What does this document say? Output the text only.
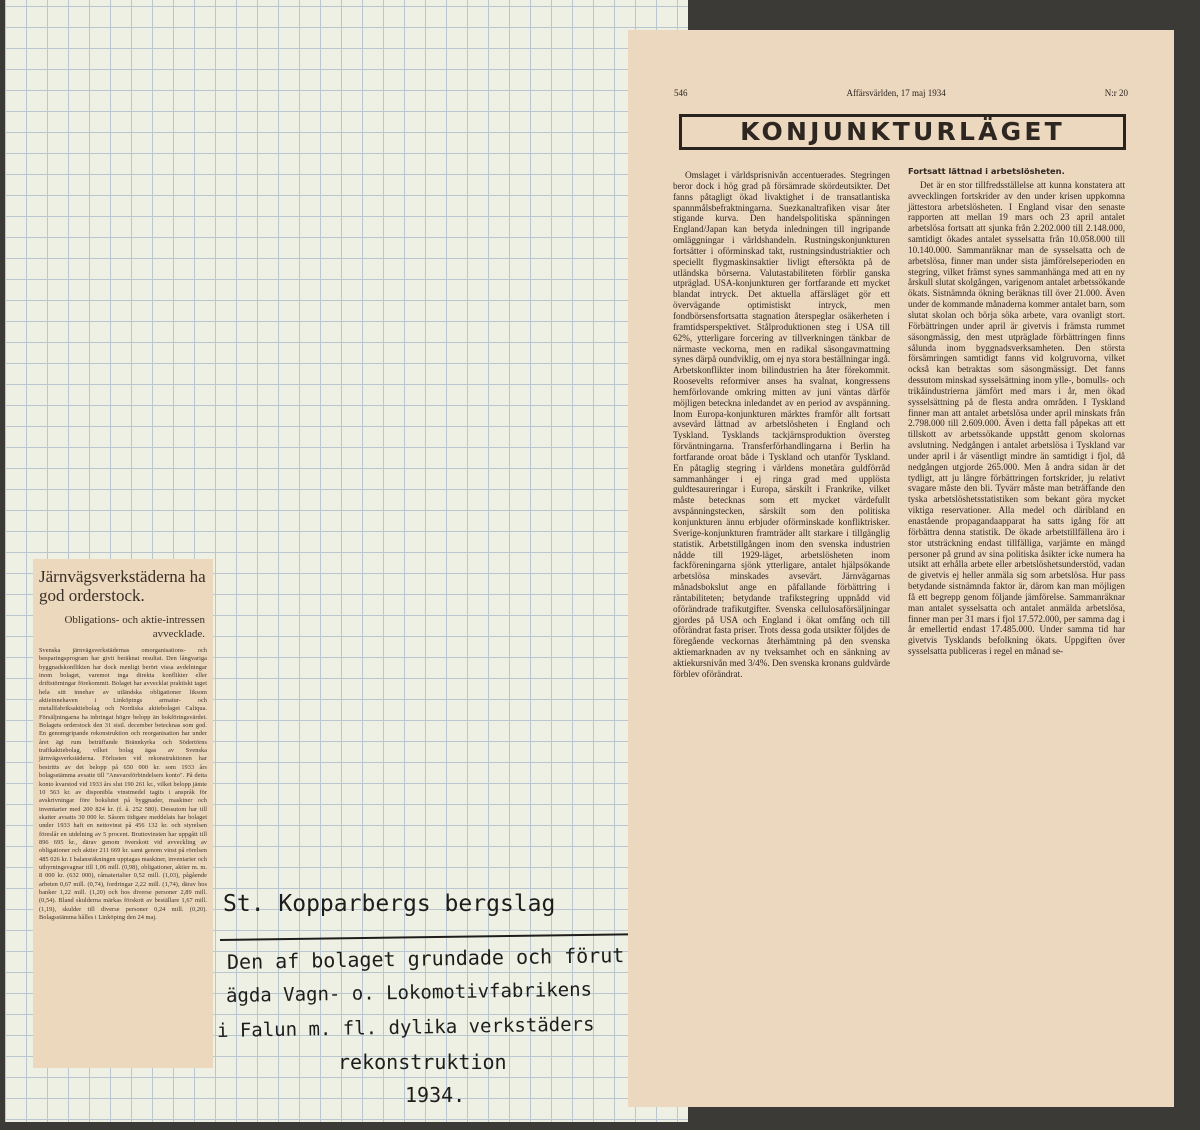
Järnvägsverkstäderna ha god orderstock.
Obligations- och aktie-intressen avvecklade.
Svenska järnvägsverkstädernas omorganisations- och besparingsprogram har givit beräknat resultat. Den långvariga byggnadskonflikten har dock menligt berört vissa avdelningar inom bolaget, varemot inga direkta konflikter eller driftstörningar förekommit. Bolaget har avvecklat praktiskt taget hela sitt innehav av utländska obligationer liksom aktieinnehaven i Linköpings armatur- och metallfabriksaktiebolag och Nordiska aktiebolaget Caliqua. Försäljningarna ha inbringat högre belopp än bokföringsvärdet. Bolagets orderstock den 31 sistl. december betecknas som god. En genomgripande rekonstruktion och reorganisation har under året ägt rum beträffande Brännkyrka och Södertörns trafikaktiebolag, vilket bolag ägas av Svenska järnvägsverkstäderna. Förlusten vid rekonstruktionen har bestritts av det belopp på 650 000 kr. som 1933 års bolagsstämma avsatte till "Ansvarsförbindelsers konto". På detta konto kvarstod vid 1933 års slut 190 261 kr., vilket belopp jämte 10 563 kr. av disponibla vinstmedel tagits i anspråk för avskrivningar före bokslutet på byggnader, maskiner och inventarier med 200 824 kr. (f. å. 252 580). Dessutom har till skatter avsatts 30 000 kr. Såsom tidigare meddelats har bolaget under 1933 haft en nettovinst på 456 132 kr. och styrelsen föreslår en utdelning av 5 procent. Bruttovinsten har uppgått till 896 695 kr., därav genom överskott vid avveckling av obligationer och aktier 211 669 kr. samt genom vinst på rörelsen 485 026 kr. I balansräkningen upptagas maskiner, inventarier och uthyrningsvagnar till 1,06 mill. (0,98), obligationer, aktier m. m. 8 000 kr. (632 000), råmaterialier 0,52 mill. (1,03), pågående arbeten 0,67 mill. (0,74), fordringar 2,22 mill. (1,74), därav hos banker 1,22 mill. (1,20) och hos diverse personer 2,89 mill. (0,54). Bland skulderna märkas förskott av beställare 1,67 mill. (1,19), skulder till diverse personer 0,24 mill. (0,20). Bolagsstämma hålles i Linköping den 24 maj.
St. Kopparbergs bergslag
Den af bolaget grundade och förut
ägda Vagn- o. Lokomotivfabrikens
i Falun m. fl. dylika verkstäders
rekonstruktion
1934.
546	Affärsvärlden, 17 maj 1934	N:r 20
KONJUNKTURLÄGET

Omslaget i världsprisnivån accentuerades. Stegringen beror dock i hög grad på försämrade skördeutsikter. Det fanns påtagligt ökad livaktighet i de transatlantiska spannmålsbefraktningarna. Suezkanaltrafiken visar åter stigande kurva. Den handelspolitiska spänningen England/Japan kan betyda inledningen till ingripande omläggningar i världshandeln. Rustningskonjunkturen fortsätter i oförminskad takt, rustningsindustriaktier och speciellt flygmaskinsaktier livligt eftersökta på de utländska börserna. Valutastabiliteten förblir ganska utpräglad. USA-konjunkturen ger fortfarande ett mycket blandat intryck. Det aktuella affärsläget gör ett övervägande optimistiskt intryck, men fondbörsensfortsatta stagnation återspeglar osäkerheten i framtidsperspektivet. Stålproduktionen steg i USA till 62%, ytterligare forcering av tillverkningen tänkbar de närmaste veckorna, men en radikal säsongavmattning synes därpå oundviklig, om ej nya stora beställningar ingå. Arbetskonflikter inom bilindustrien ha åter förekommit. Roosevelts reformiver anses ha svalnat, kongressens hemförlovande omkring mitten av juni väntas därför möjligen betecknа inledandet av en period av avspänning. Inom Europa-konjunkturen märktes framför allt fortsatt avsevärd lättnad av arbetslösheten i England och Tyskland. Tysklands tackjärnsproduktion översteg förväntningarna. Transferförhandlingarna i Berlin ha fortfarande oroat både i Tyskland och utanför Tyskland. En påtaglig stegring i världens monetära guldförråd sammanhänger i ej ringa grad med upplösta guldtesaureringar i Europa, särskilt i Frankrike, vilket måste betecknas som ett mycket värdefullt avspänningstecken, särskilt som den politiska konjunkturen ännu erbjuder oförminskade konfliktrisker. Sverige-konjunkturen framträder allt starkare i tillgänglig statistik. Arbetstillgången inom den svenska industrien nådde till 1929-läget, arbetslösheten inom fackföreningarna sjönk ytterligare, antalet hjälpsökande arbetslösa minskades avsevärt. Järnvägarnas månadsbokslut ange en påfallande förbättring i räntabiliteten; betydande trafikstegring uppnådd vid oförändrade trafikutgifter. Svenska cellulosaförsäljningar gjordes på USA och England i ökat omfång och till oförändrat fasta priser. Trots dessa goda utsikter följdes de föregående veckornas återhämtning på den svenska aktiemarknaden av ny tveksamhet och en sänkning av aktiekursnivån med 3/4%. Den svenska kronans guldvärde förblev oförändrat.

Fortsatt lättnad i arbetslösheten.

Det är en stor tillfredsställelse att kunna konstatera att avvecklingen fortskrider av den under krisen uppkomna jättestora arbetslösheten. I England visar den senaste rapporten att mellan 19 mars och 23 april antalet arbetslösa fortsatt att sjunka från 2.202.000 till 2.148.000, samtidigt ökades antalet sysselsatta från 10.058.000 till 10.140.000. Sammanräknar man de sysselsatta och de arbetslösa, finner man under sista jämförelseperioden en stegring, vilket främst synes sammanhänga med att en ny årskull slutat skolgången, varigenom antalet arbetssökande ökats. Sistnämnda ökning beräknas till över 21.000. Även under de kommande månaderna kommer antalet barn, som slutat skolan och börja söka arbete, vara ovanligt stort. Förbättringen under april är givetvis i främsta rummet säsongmässig, den mest utpräglade förbättringen finns sålunda inom byggnadsverksamheten. Den största försämringen samtidigt fanns vid kolgruvorna, vilket också kan betraktas som säsongmässigt. Det fanns dessutom minskad sysselsättning inom ylle-, bomulls- och trikåindustrierna jämfört med mars i år, men ökad sysselsättning på de flesta andra områden. I Tyskland finner man att antalet arbetslösa under april minskats från 2.798.000 till 2.609.000. Även i detta fall påpekas att ett tillskott av arbetssökande uppstått genom skolornas avslutning. Nedgången i antalet arbetslösa i Tyskland var under april i år väsentligt mindre än samtidigt i fjol, då nedgången utgjorde 265.000. Men å andra sidan är det tydligt, att ju längre förbättringen fortskrider, ju relativt svagare måste den bli. Tyvärr måste man beträffande den tyska arbetslöshetsstatistiken som bekant göra mycket viktiga reservationer. Alla medel och däribland en enastående propagandaapparat ha satts igång för att förbättra denna statistik. De ökade arbetstillfällena äro i stor utsträckning endast tillfälliga, varjämte en mängd personer på grund av sina politiska åsikter icke numera ha utsikt att erhålla arbete eller arbetslöshetsunderstöd, vadan de givetvis ej heller anmäla sig som arbetslösa. Hur pass betydande sistnämnda faktor är, därom kan man möjligen få ett begrepp genom följande jämförelse. Sammanräknar man antalet sysselsatta och antalet anmälda arbetslösa, finner man per 31 mars i fjol 17.572.000, per samma dag i år emellertid endast 17.485.000. Under samma tid har givetvis Tysklands befolkning ökats. Uppgiften över sysselsatta publiceras i regel en månad se-
